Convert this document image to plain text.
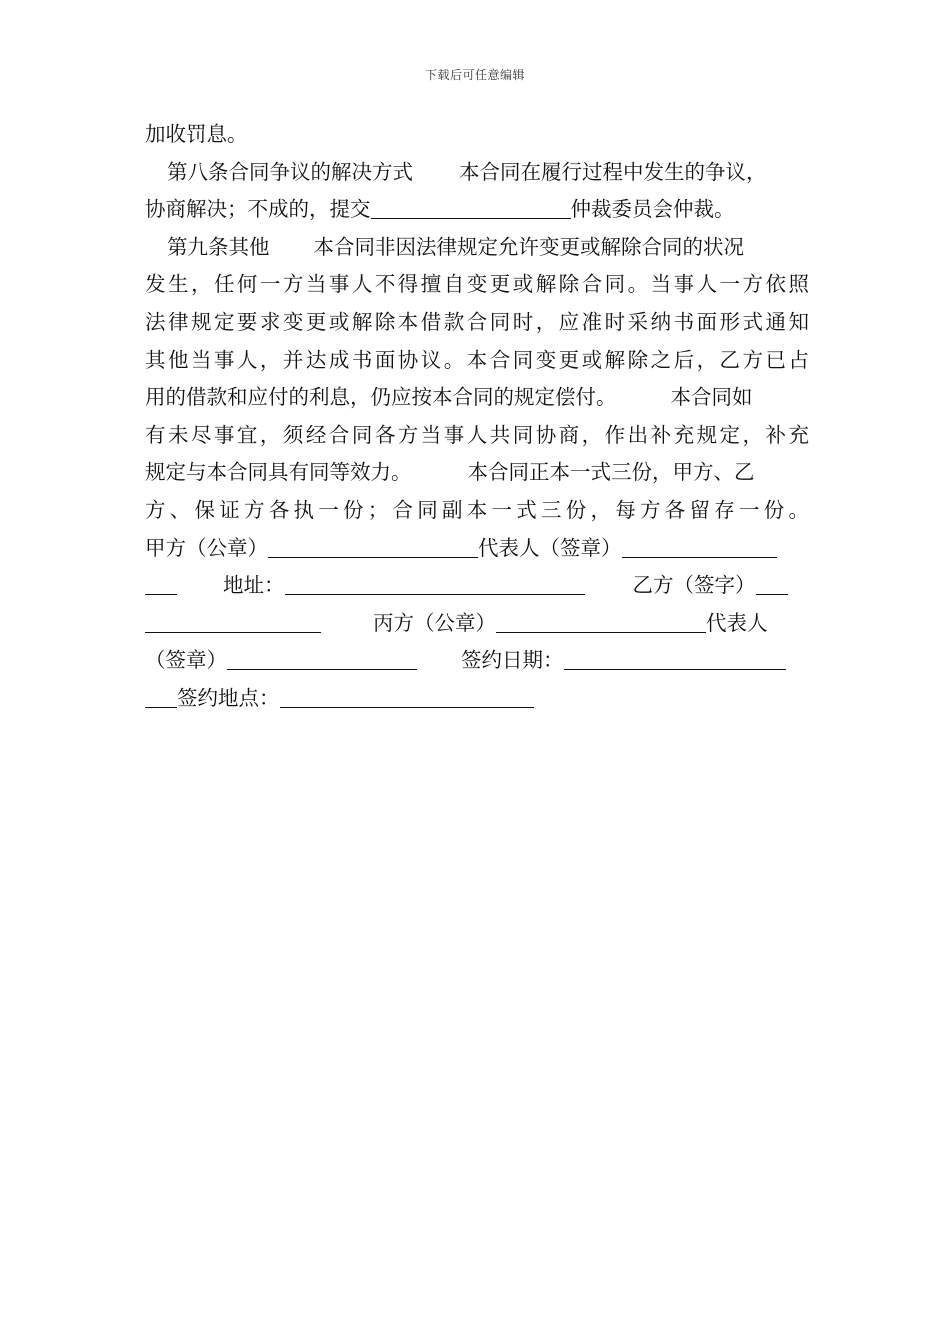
下载后可任意编辑
加收罚息。
第八条合同争议的解决方式 本合同在履行过程中发生的争议，
协商解决；不成的，提交	仲裁委员会仲裁。
第九条其他 本合同非因法律规定允许变更或解除合同的状况
发生，任何一方当事人不得擅自变更或解除合同。当事人一方依照
法律规定要求变更或解除本借款合同时，应准时采纳书面形式通知
其他当事人，并达成书面协议。本合同变更或解除之后，乙方已占
用的借款和应付的利息，仍应按本合同的规定偿付。	本合同如
有未尽事宜，须经合同各方当事人共同协商，作出补充规定，补充
规定与本合同具有同等效力。	本合同正本一式三份，甲方、乙
方、保证方各执一份；合同副本一式三份，每方各留存一份。
甲方（公章）	代表人（签章）
地址：	乙方（签字）
丙方（公章）	代表人
（签章）	签约日期：
签约地点：
